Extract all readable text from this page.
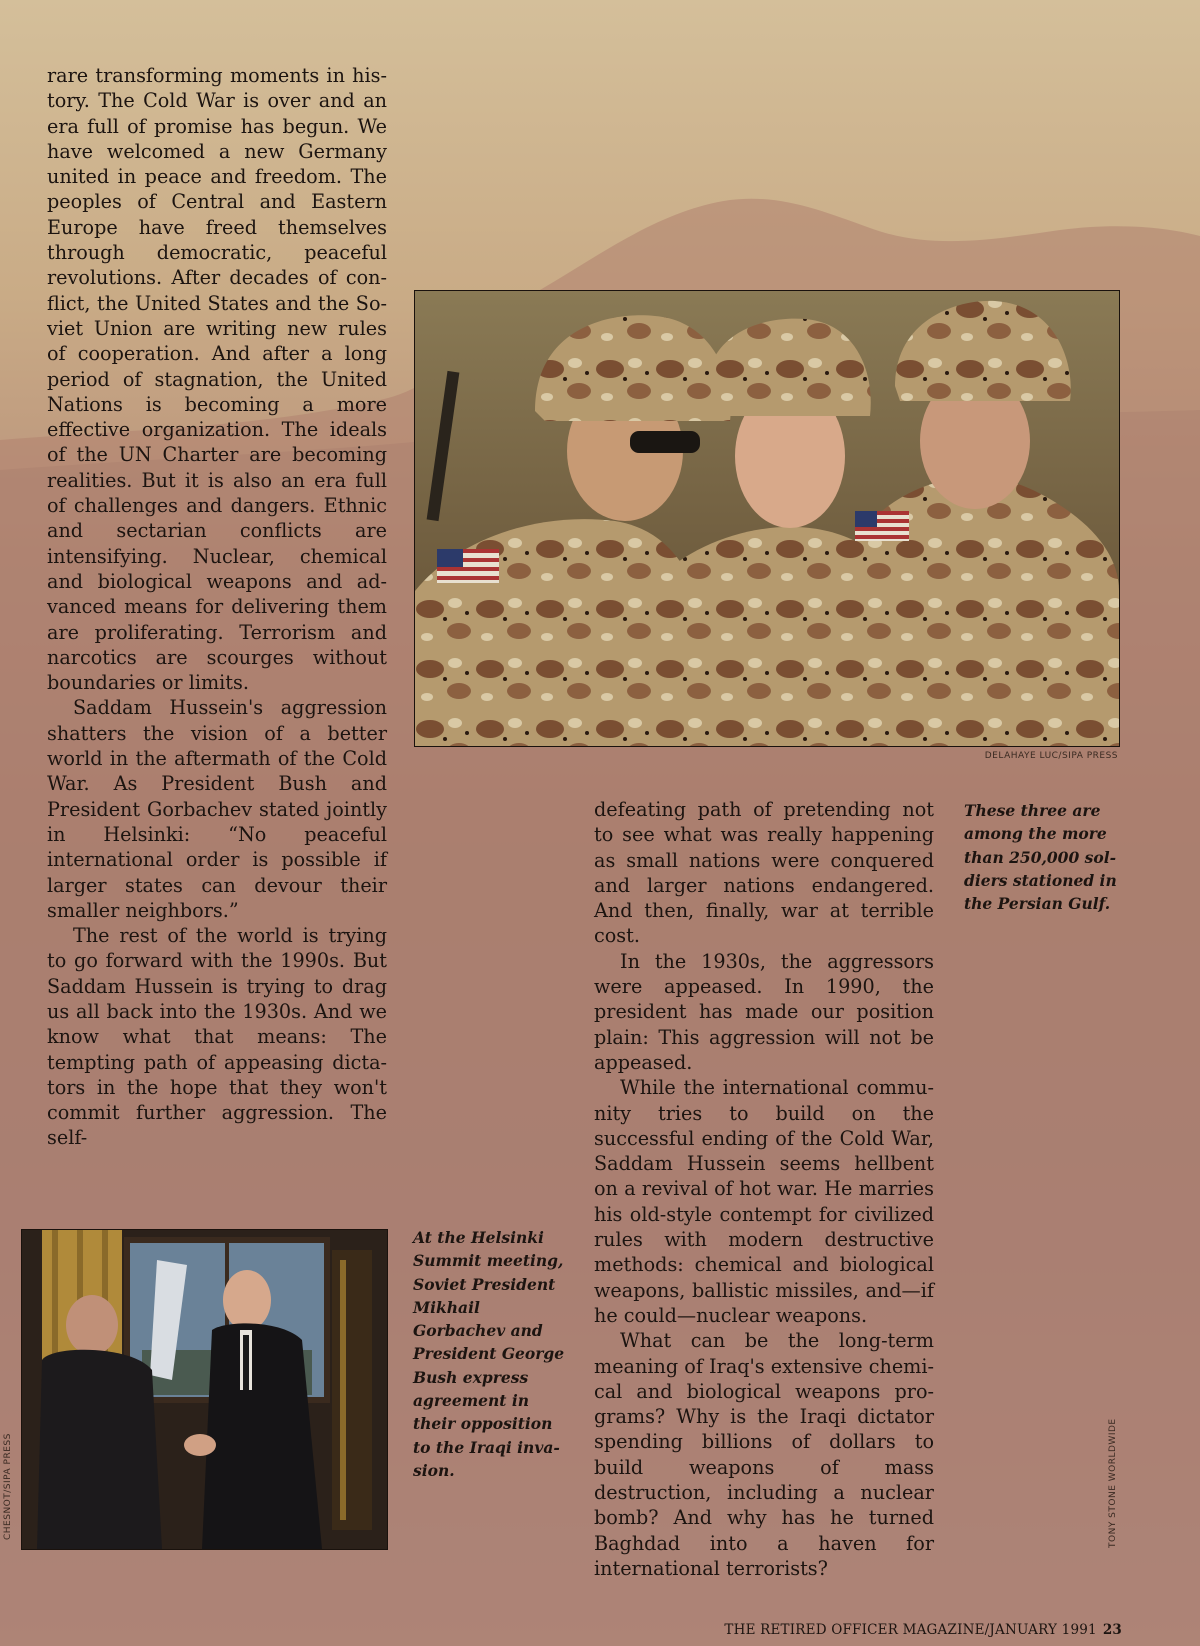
rare transforming moments in history. The Cold War is over and an era full of promise has begun. We have welcomed a new Germany united in peace and freedom. The peoples of Central and Eastern Europe have freed themselves through democratic, peaceful revolutions. After decades of conflict, the United States and the Soviet Union are writing new rules of cooperation. And after a long period of stagnation, the United Nations is becoming a more effective organization. The ideals of the UN Charter are becoming realities. But it is also an era full of challenges and dangers. Ethnic and sectarian conflicts are intensifying. Nuclear, chemical and biological weapons and advanced means for delivering them are proliferating. Terrorism and narcotics are scourges without boundaries or limits.

Saddam Hussein's aggression shatters the vision of a better world in the aftermath of the Cold War. As President Bush and President Gorbachev stated jointly in Helsinki: “No peaceful international order is possible if larger states can devour their smaller neighbors.”

The rest of the world is trying to go forward with the 1990s. But Saddam Hussein is trying to drag us all back into the 1930s. And we know what that means: The tempting path of appeasing dictators in the hope that they won't commit further aggression. The self-

DELAHAYE LUC/SIPA PRESS
These three are among the more than 250,000 soldiers stationed in the Persian Gulf.

defeating path of pretending not to see what was really happening as small nations were conquered and larger nations endangered. And then, finally, war at terrible cost.

In the 1930s, the aggressors were appeased. In 1990, the president has made our position plain: This aggression will not be appeased.

While the international community tries to build on the successful ending of the Cold War, Saddam Hussein seems hellbent on a revival of hot war. He marries his old-style contempt for civilized rules with modern destructive methods: chemical and biological weapons, ballistic missiles, and—if he could—nuclear weapons.

What can be the long-term meaning of Iraq's extensive chemical and biological weapons programs? Why is the Iraqi dictator spending billions of dollars to build weapons of mass destruction, including a nuclear bomb? And why has he turned Baghdad into a haven for international terrorists?

CHESNOT/SIPA PRESS
At the Helsinki Summit meeting, Soviet President Mikhail Gorbachev and President George Bush express agreement in their opposition to the Iraqi invasion.	TONY STONE WORLDWIDE
THE RETIRED OFFICER MAGAZINE/JANUARY 1991 23
